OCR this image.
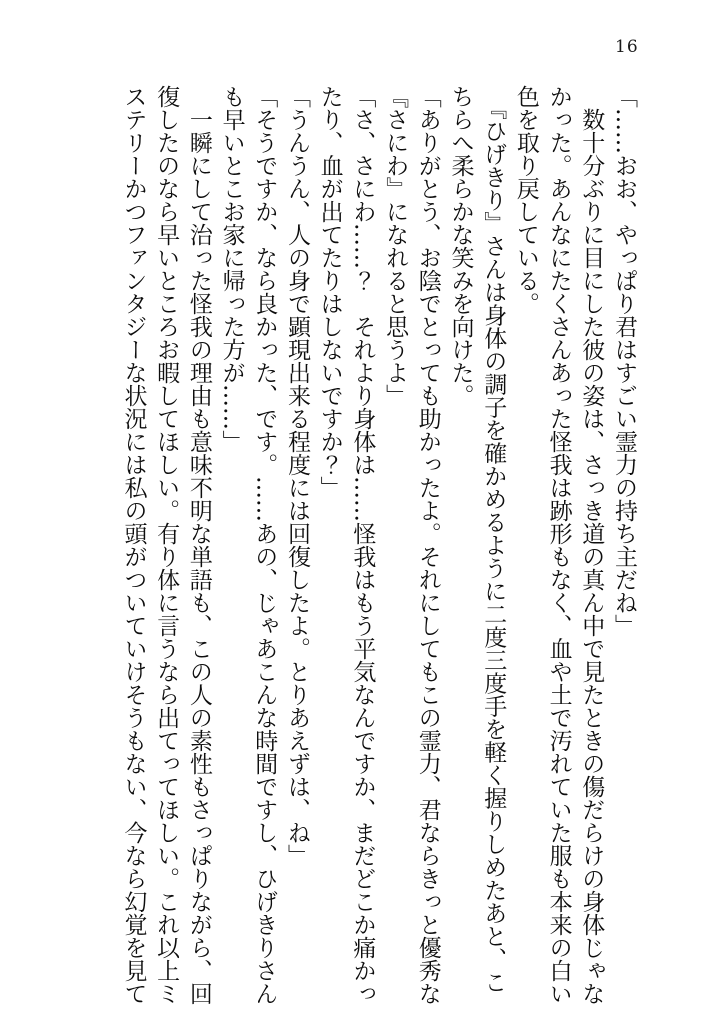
16

「……おお、やっぱり君はすごい霊力の持ち主だね」

　数十分ぶりに目にした彼の姿は、さっき道の真ん中で見たときの傷だらけの身体じゃなかった。あんなにたくさんあった怪我は跡形もなく、血や土で汚れていた服も本来の白い色を取り戻している。

　『ひげきり』さんは身体の調子を確かめるように二度三度手を軽く握りしめたあと、こちらへ柔らかな笑みを向けた。

「ありがとう、お陰でとっても助かったよ。それにしてもこの霊力、君ならきっと優秀な『さにわ』になれると思うよ」

「さ、さにわ……？　それより身体は……怪我はもう平気なんですか、まだどこか痛かったり、血が出てたりはしないですか？」

「うんうん、人の身で顕現出来る程度には回復したよ。とりあえずは、ね」

「そうですか、なら良かった、です。……あの、じゃあこんな時間ですし、ひげきりさんも早いとこお家に帰った方が……」

　一瞬にして治った怪我の理由も意味不明な単語も、この人の素性もさっぱりながら、回復したのなら早いところお暇してほしい。有り体に言うなら出てってほしい。これ以上ミステリーかつファンタジーな状況には私の頭がついていけそうもない、今なら幻覚を見て
